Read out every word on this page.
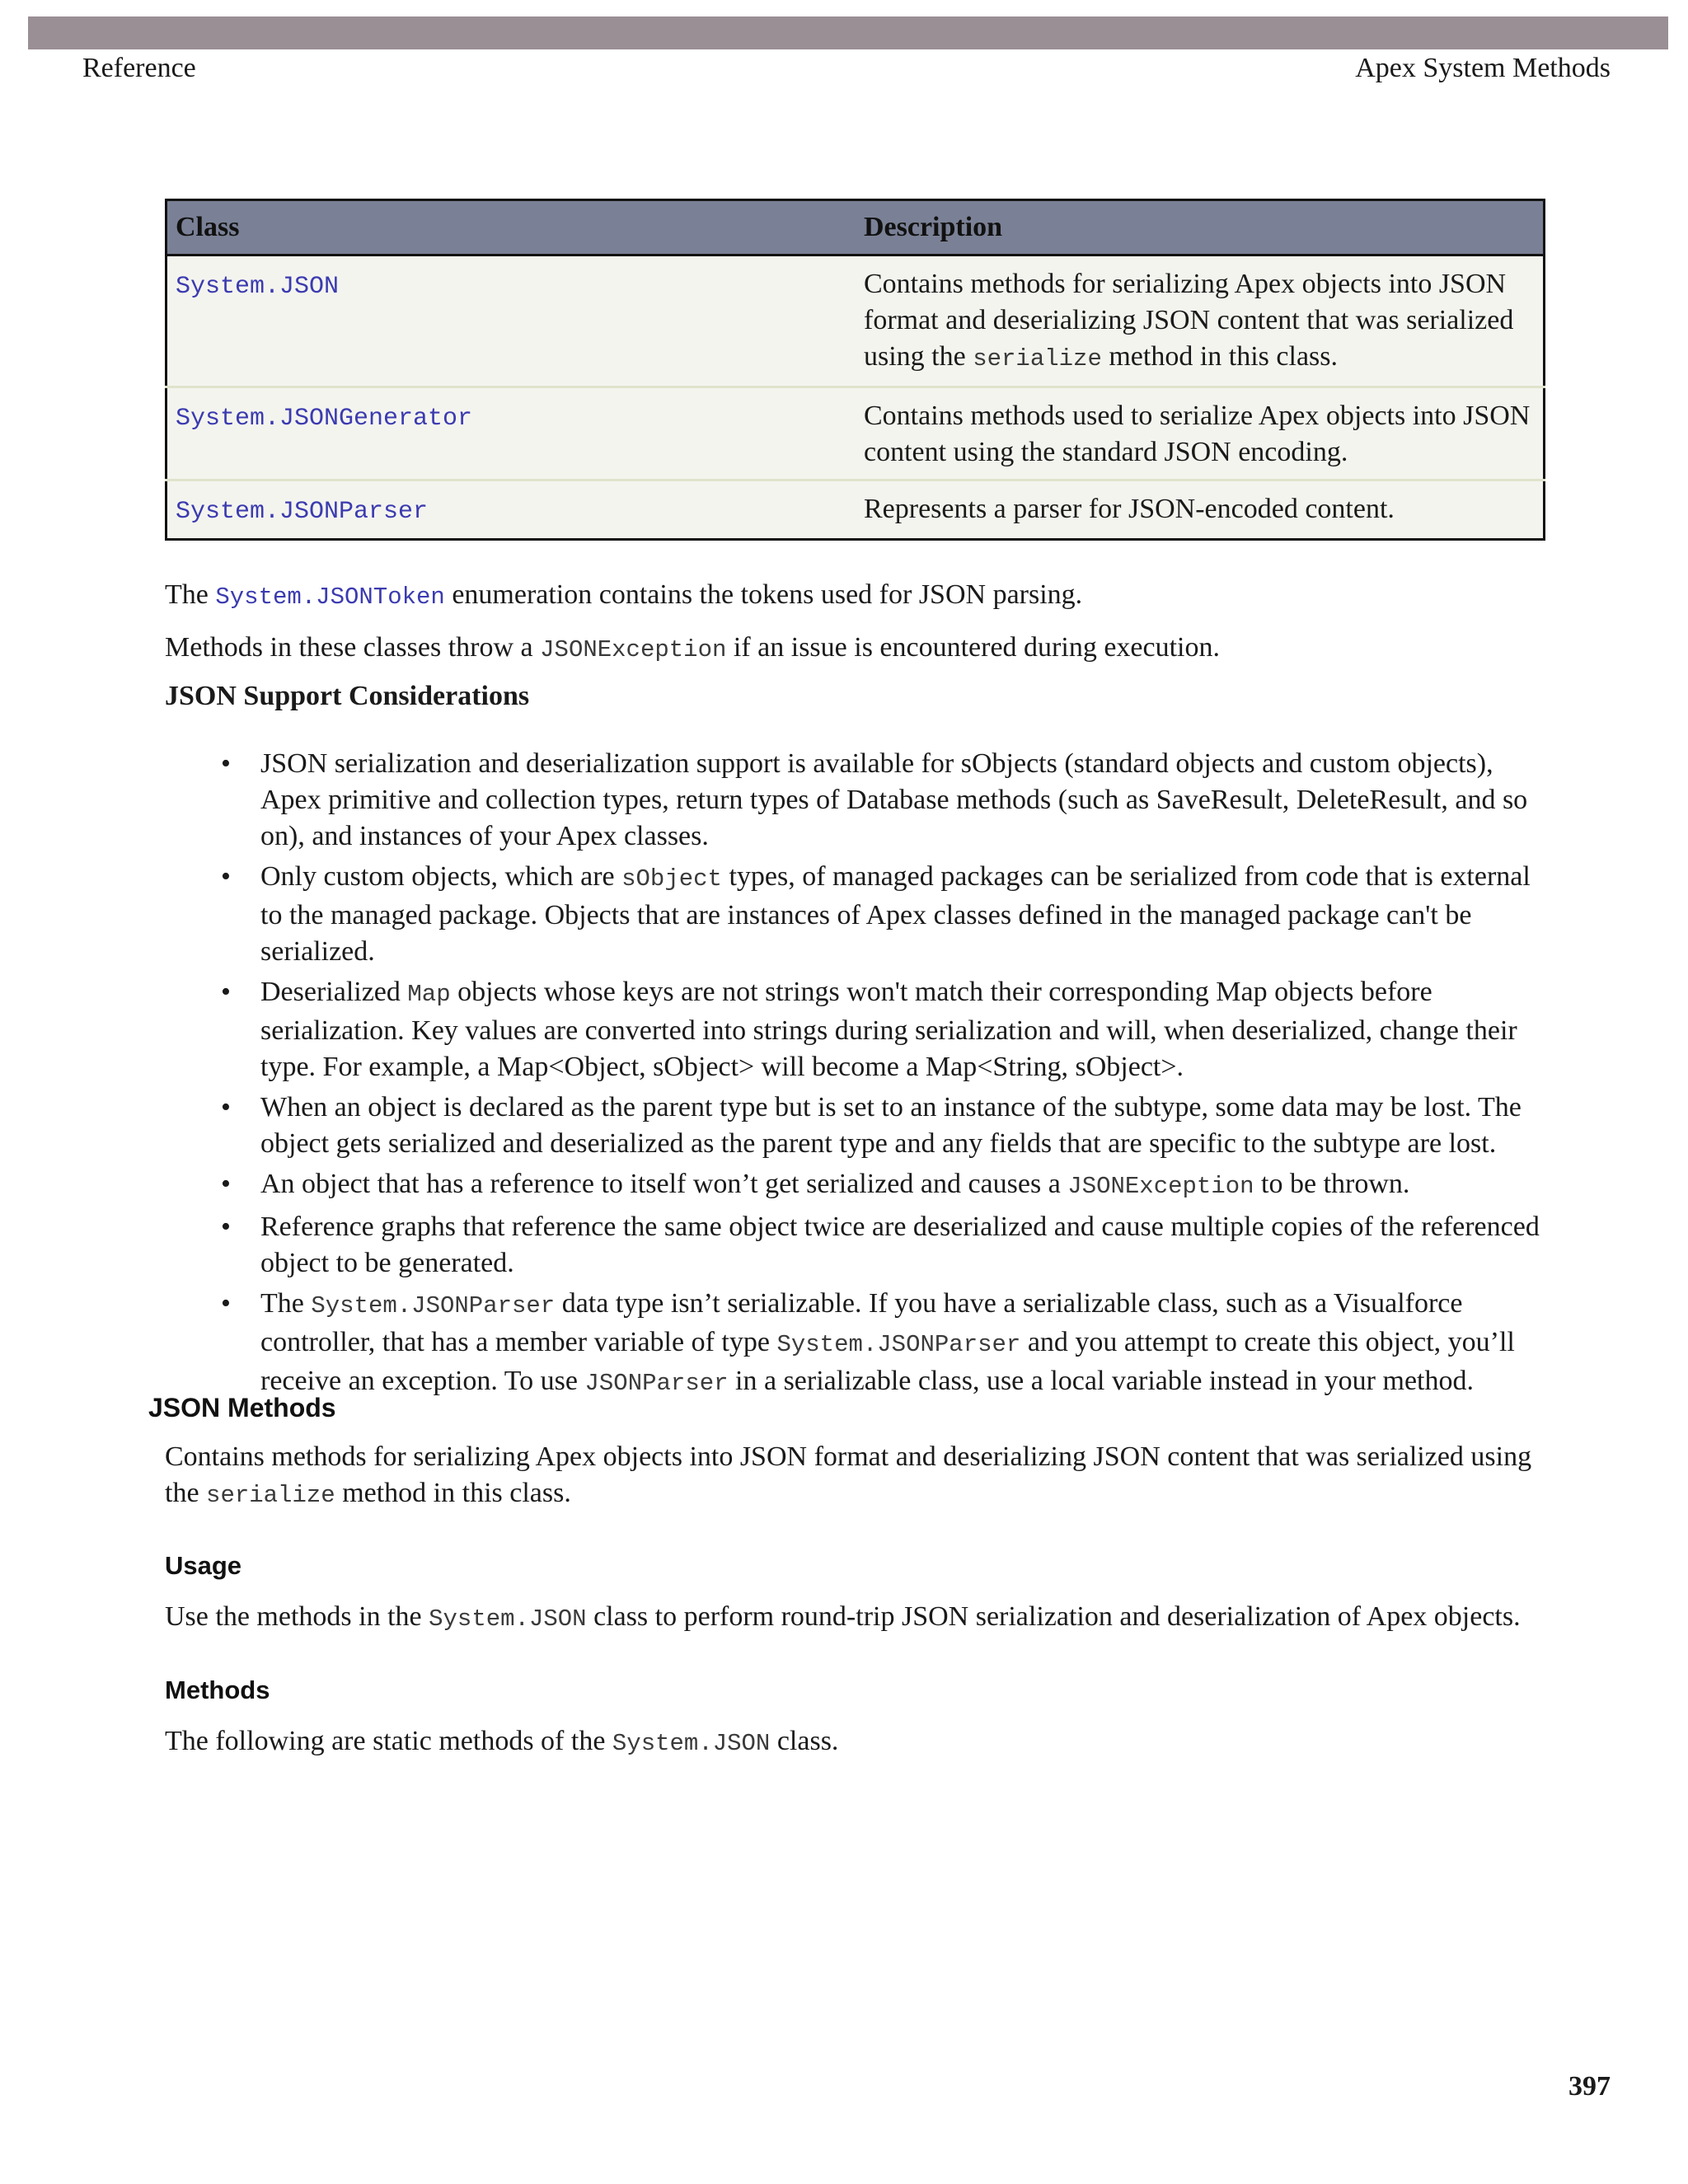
Reference	Apex System Methods
Class	Description
System.JSON	Contains methods for serializing Apex objects into JSON format and deserializing JSON content that was serialized using the serialize method in this class.
System.JSONGenerator	Contains methods used to serialize Apex objects into JSON content using the standard JSON encoding.
System.JSONParser	Represents a parser for JSON-encoded content.

The System.JSONToken enumeration contains the tokens used for JSON parsing.

Methods in these classes throw a JSONException if an issue is encountered during execution.

JSON Support Considerations

• JSON serialization and deserialization support is available for sObjects (standard objects and custom objects), Apex primitive and collection types, return types of Database methods (such as SaveResult, DeleteResult, and so on), and instances of your Apex classes.
• Only custom objects, which are sObject types, of managed packages can be serialized from code that is external to the managed package. Objects that are instances of Apex classes defined in the managed package can't be serialized.
• Deserialized Map objects whose keys are not strings won't match their corresponding Map objects before serialization. Key values are converted into strings during serialization and will, when deserialized, change their type. For example, a Map<Object, sObject> will become a Map<String, sObject>.
• When an object is declared as the parent type but is set to an instance of the subtype, some data may be lost. The object gets serialized and deserialized as the parent type and any fields that are specific to the subtype are lost.
• An object that has a reference to itself won’t get serialized and causes a JSONException to be thrown.
• Reference graphs that reference the same object twice are deserialized and cause multiple copies of the referenced object to be generated.
• The System.JSONParser data type isn’t serializable. If you have a serializable class, such as a Visualforce controller, that has a member variable of type System.JSONParser and you attempt to create this object, you’ll receive an exception. To use JSONParser in a serializable class, use a local variable instead in your method.

JSON Methods

Contains methods for serializing Apex objects into JSON format and deserializing JSON content that was serialized using the serialize method in this class.

Usage

Use the methods in the System.JSON class to perform round-trip JSON serialization and deserialization of Apex objects.

Methods

The following are static methods of the System.JSON class.

397
